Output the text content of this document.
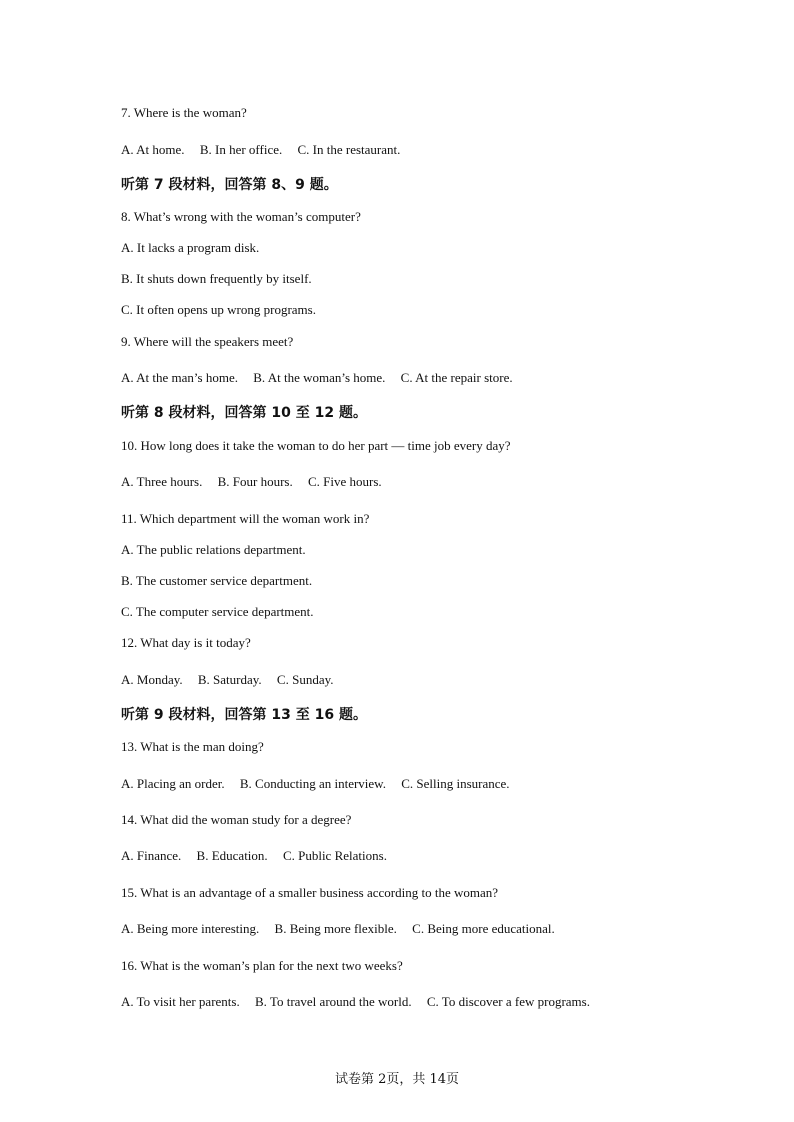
7. Where is the woman?
A. At home. B. In her office. C. In the restaurant.
听第 7 段材料，回答第 8、9 题。
8. What’s wrong with the woman’s computer?
A. It lacks a program disk.
B. It shuts down frequently by itself.
C. It often opens up wrong programs.
9. Where will the speakers meet?
A. At the man’s home. B. At the woman’s home. C. At the repair store.
听第 8 段材料，回答第 10 至 12 题。
10. How long does it take the woman to do her part — time job every day?
A. Three hours. B. Four hours. C. Five hours.
11. Which department will the woman work in?
A. The public relations department.
B. The customer service department.
C. The computer service department.
12. What day is it today?
A. Monday. B. Saturday. C. Sunday.
听第 9 段材料，回答第 13 至 16 题。
13. What is the man doing?
A. Placing an order. B. Conducting an interview. C. Selling insurance.
14. What did the woman study for a degree?
A. Finance. B. Education. C. Public Relations.
15. What is an advantage of a smaller business according to the woman?
A. Being more interesting. B. Being more flexible. C. Being more educational.
16. What is the woman’s plan for the next two weeks?
A. To visit her parents. B. To travel around the world. C. To discover a few programs.
试卷第 2页，共 14页
